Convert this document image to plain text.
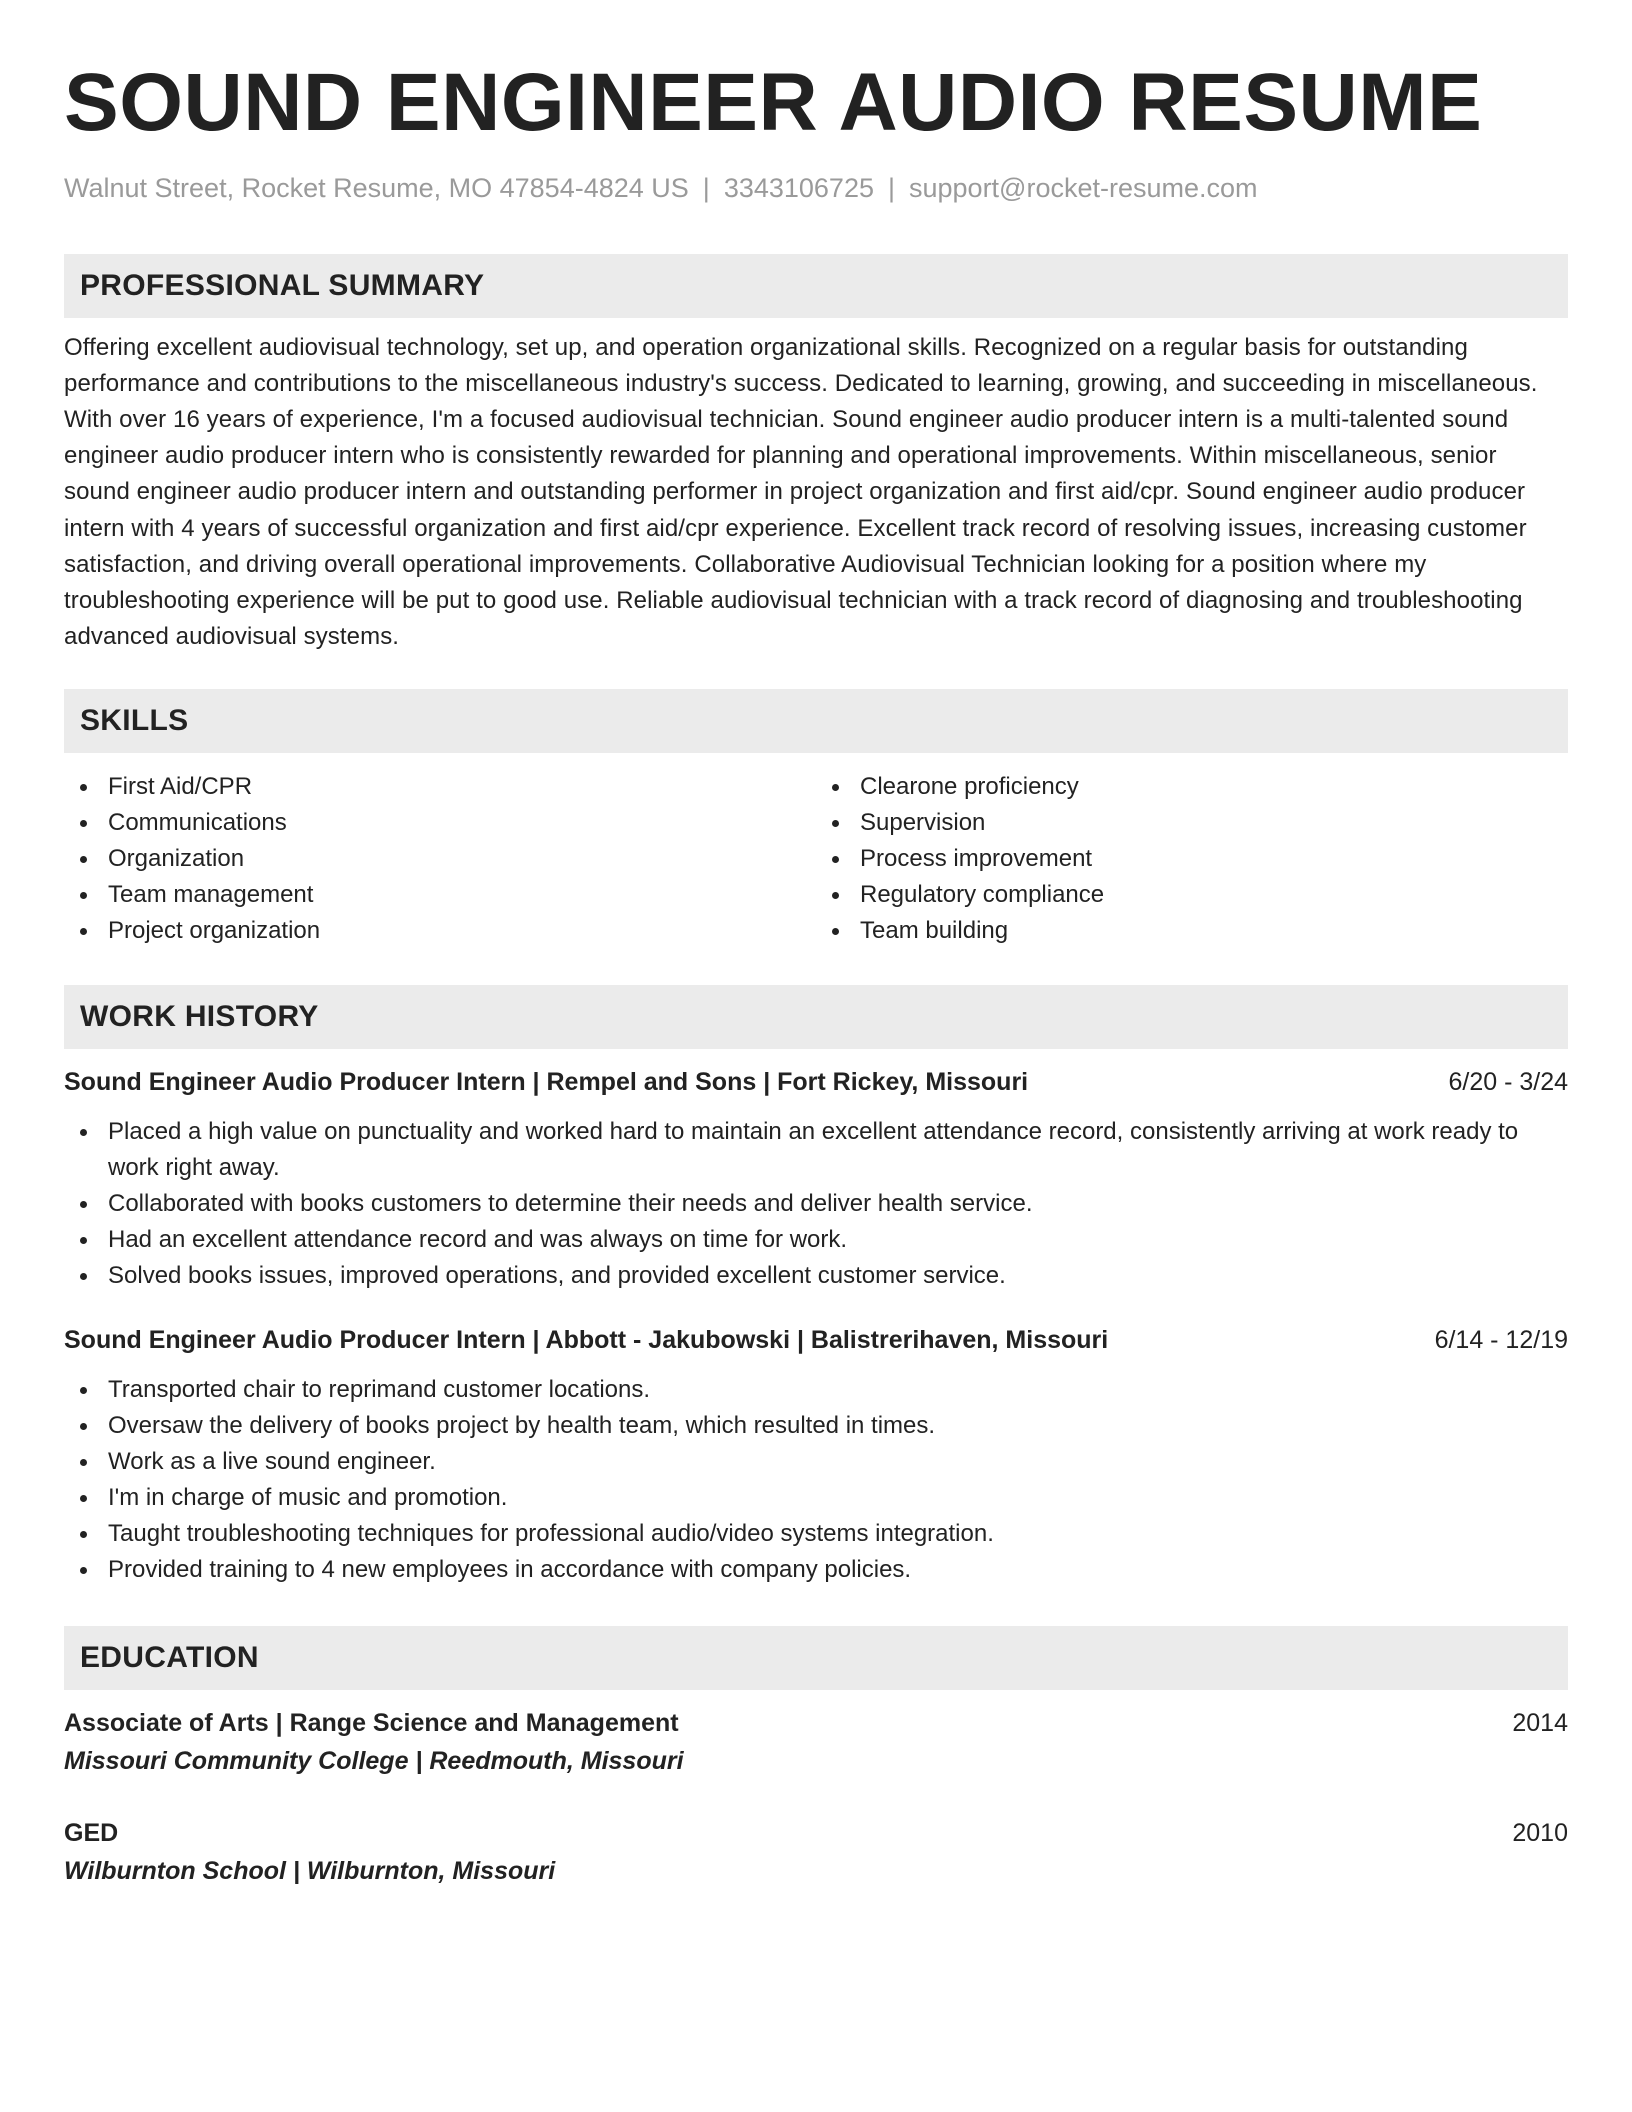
SOUND ENGINEER AUDIO RESUME
Walnut Street, Rocket Resume, MO 47854-4824 US | 3343106725 | support@rocket-resume.com
PROFESSIONAL SUMMARY

Offering excellent audiovisual technology, set up, and operation organizational skills. Recognized on a regular basis for outstanding performance and contributions to the miscellaneous industry's success. Dedicated to learning, growing, and succeeding in miscellaneous. With over 16 years of experience, I'm a focused audiovisual technician. Sound engineer audio producer intern is a multi-talented sound engineer audio producer intern who is consistently rewarded for planning and operational improvements. Within miscellaneous, senior sound engineer audio producer intern and outstanding performer in project organization and first aid/cpr. Sound engineer audio producer intern with 4 years of successful organization and first aid/cpr experience. Excellent track record of resolving issues, increasing customer satisfaction, and driving overall operational improvements. Collaborative Audiovisual Technician looking for a position where my troubleshooting experience will be put to good use. Reliable audiovisual technician with a track record of diagnosing and troubleshooting advanced audiovisual systems.

SKILLS
First Aid/CPR
Communications
Organization
Team management
Project organization
Clearone proficiency
Supervision
Process improvement
Regulatory compliance
Team building
WORK HISTORY
Sound Engineer Audio Producer Intern | Rempel and Sons | Fort Rickey, Missouri	6/20 - 3/24
Placed a high value on punctuality and worked hard to maintain an excellent attendance record, consistently arriving at work ready to work right away.
Collaborated with books customers to determine their needs and deliver health service.
Had an excellent attendance record and was always on time for work.
Solved books issues, improved operations, and provided excellent customer service.
Sound Engineer Audio Producer Intern | Abbott - Jakubowski | Balistrerihaven, Missouri	6/14 - 12/19
Transported chair to reprimand customer locations.
Oversaw the delivery of books project by health team, which resulted in times.
Work as a live sound engineer.
I'm in charge of music and promotion.
Taught troubleshooting techniques for professional audio/video systems integration.
Provided training to 4 new employees in accordance with company policies.
EDUCATION
Associate of Arts | Range Science and Management	2014
Missouri Community College | Reedmouth, Missouri
GED	2010
Wilburnton School | Wilburnton, Missouri
